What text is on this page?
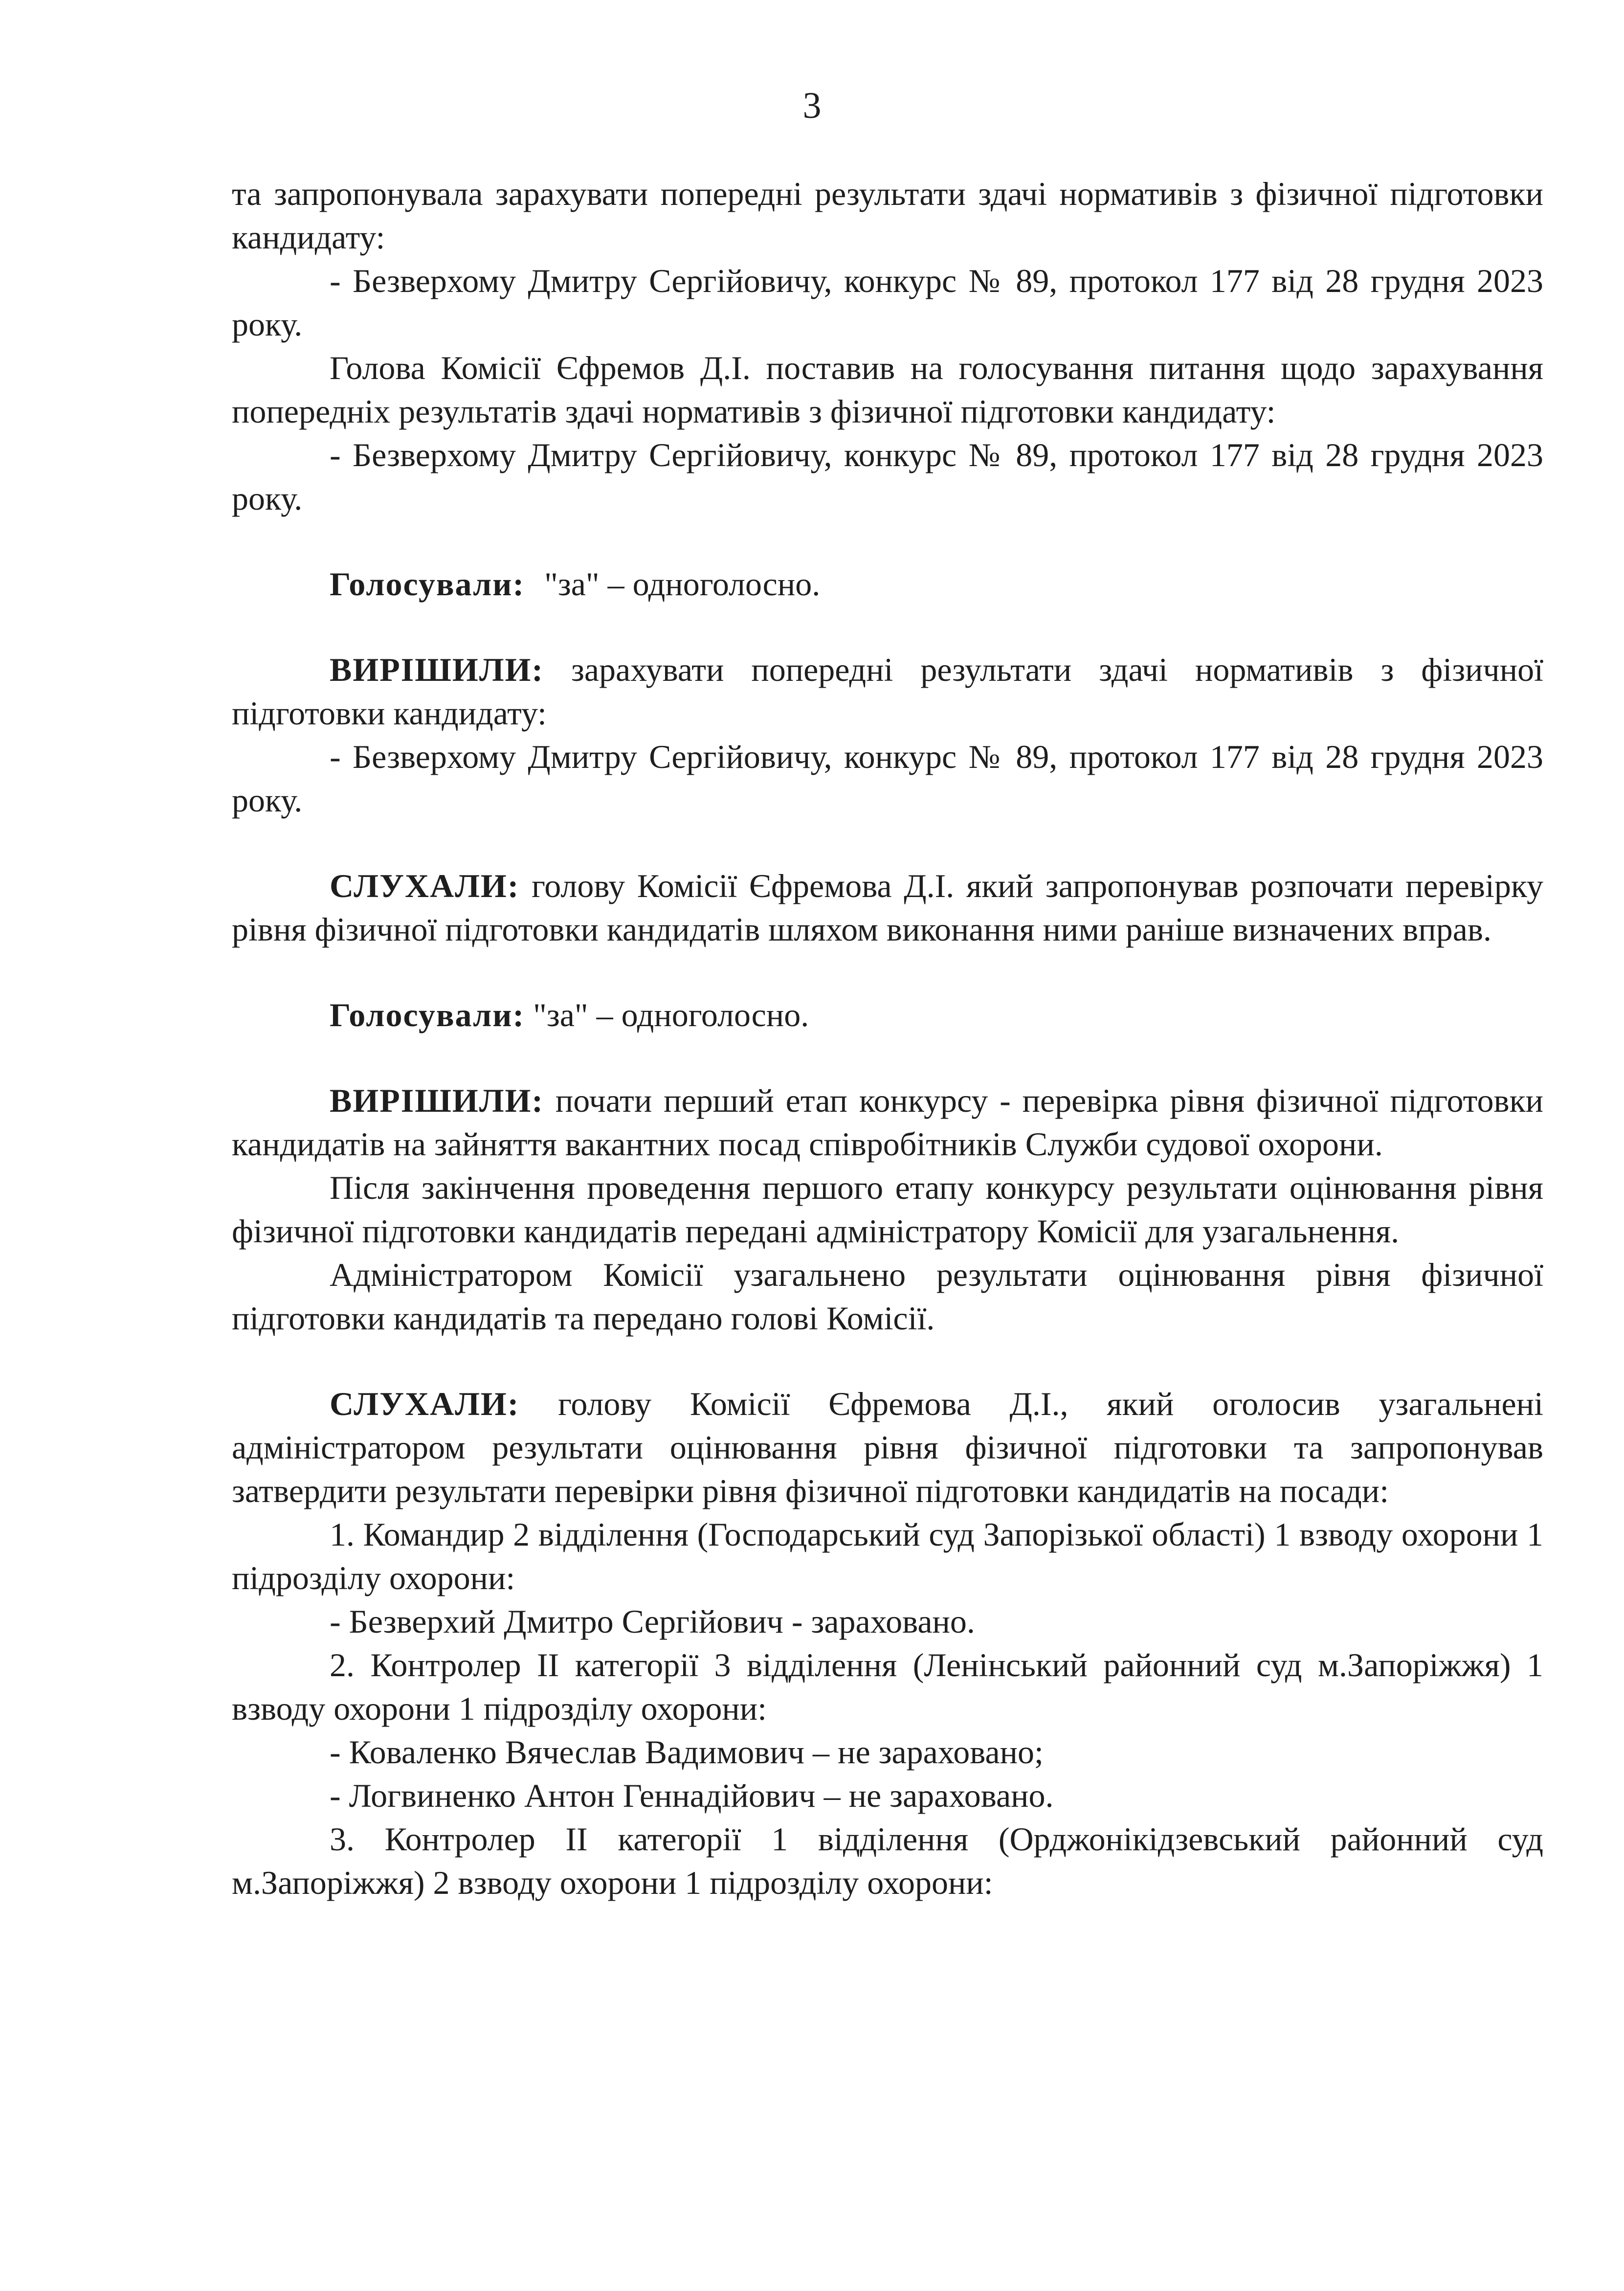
3

та запропонувала зарахувати попередні результати здачі нормативів з фізичної підготовки кандидату:

- Безверхому Дмитру Сергійовичу, конкурс № 89, протокол 177 від 28 грудня 2023 року.

Голова Комісії Єфремов Д.І. поставив на голосування питання щодо зарахування попередніх результатів здачі нормативів з фізичної підготовки кандидату:

- Безверхому Дмитру Сергійовичу, конкурс № 89, протокол 177 від 28 грудня 2023 року.

Голосували: "за" – одноголосно.

ВИРІШИЛИ: зарахувати попередні результати здачі нормативів з фізичної підготовки кандидату:

- Безверхому Дмитру Сергійовичу, конкурс № 89, протокол 177 від 28 грудня 2023 року.

СЛУХАЛИ: голову Комісії Єфремова Д.І. який запропонував розпочати перевірку рівня фізичної підготовки кандидатів шляхом виконання ними раніше визначених вправ.

Голосували: "за" – одноголосно.

ВИРІШИЛИ: почати перший етап конкурсу - перевірка рівня фізичної підготовки кандидатів на зайняття вакантних посад співробітників Служби судової охорони.

Після закінчення проведення першого етапу конкурсу результати оцінювання рівня фізичної підготовки кандидатів передані адміністратору Комісії для узагальнення.

Адміністратором Комісії узагальнено результати оцінювання рівня фізичної підготовки кандидатів та передано голові Комісії.

СЛУХАЛИ: голову Комісії Єфремова Д.І., який оголосив узагальнені адміністратором результати оцінювання рівня фізичної підготовки та запропонував затвердити результати перевірки рівня фізичної підготовки кандидатів на посади:

1. Командир 2 відділення (Господарський суд Запорізької області) 1 взводу охорони 1 підрозділу охорони:

- Безверхий Дмитро Сергійович - зараховано.

2. Контролер ІІ категорії 3 відділення (Ленінський районний суд м.Запоріжжя) 1 взводу охорони 1 підрозділу охорони:

- Коваленко Вячеслав Вадимович – не зараховано;

- Логвиненко Антон Геннадійович – не зараховано.

3. Контролер ІІ категорії 1 відділення (Орджонікідзевський районний суд м.Запоріжжя) 2 взводу охорони 1 підрозділу охорони:
